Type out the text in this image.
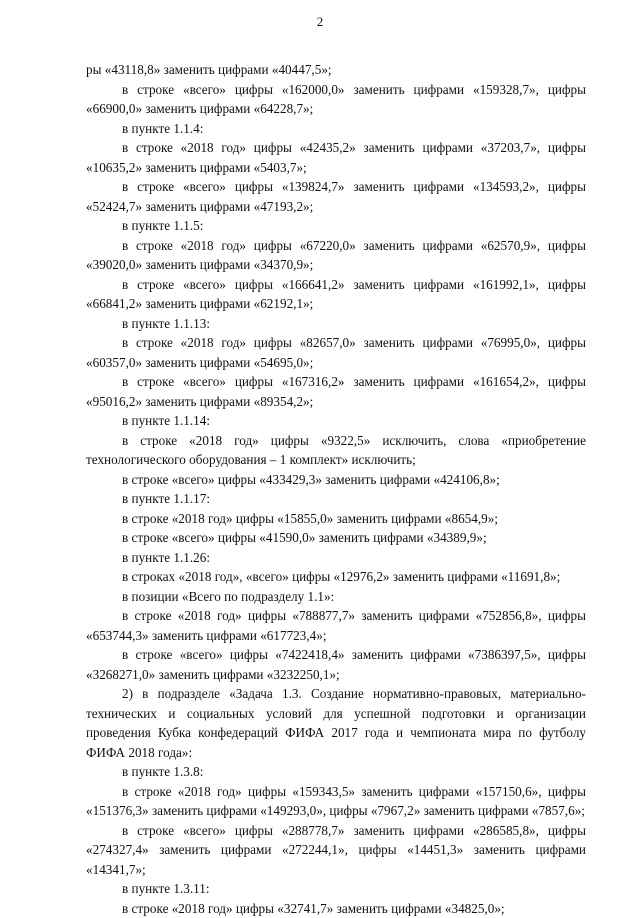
2

ры «43118,8» заменить цифрами «40447,5»;

в строке «всего» цифры «162000,0» заменить цифрами «159328,7», цифры «66900,0» заменить цифрами «64228,7»;

в пункте 1.1.4:

в строке «2018 год» цифры «42435,2» заменить цифрами «37203,7», цифры «10635,2» заменить цифрами «5403,7»;

в строке «всего» цифры «139824,7» заменить цифрами «134593,2», цифры «52424,7» заменить цифрами «47193,2»;

в пункте 1.1.5:

в строке «2018 год» цифры «67220,0» заменить цифрами «62570,9», цифры «39020,0» заменить цифрами «34370,9»;

в строке «всего» цифры «166641,2» заменить цифрами «161992,1», цифры «66841,2» заменить цифрами «62192,1»;

в пункте 1.1.13:

в строке «2018 год» цифры «82657,0» заменить цифрами «76995,0», цифры «60357,0» заменить цифрами «54695,0»;

в строке «всего» цифры «167316,2» заменить цифрами «161654,2», цифры «95016,2» заменить цифрами «89354,2»;

в пункте 1.1.14:

в строке «2018 год» цифры «9322,5» исключить, слова «приобретение технологического оборудования – 1 комплект» исключить;

в строке «всего» цифры «433429,3» заменить цифрами «424106,8»;

в пункте 1.1.17:

в строке «2018 год» цифры «15855,0» заменить цифрами «8654,9»;

в строке «всего» цифры «41590,0» заменить цифрами «34389,9»;

в пункте 1.1.26:

в строках «2018 год», «всего» цифры «12976,2» заменить цифрами «11691,8»;

в позиции «Всего по подразделу 1.1»:

в строке «2018 год» цифры «788877,7» заменить цифрами «752856,8», цифры «653744,3» заменить цифрами «617723,4»;

в строке «всего» цифры «7422418,4» заменить цифрами «7386397,5», цифры «3268271,0» заменить цифрами «3232250,1»;

2) в подразделе «Задача 1.3. Создание нормативно-правовых, материально-технических и социальных условий для успешной подготовки и организации проведения Кубка конфедераций ФИФА 2017 года и чемпионата мира по футболу ФИФА 2018 года»:

в пункте 1.3.8:

в строке «2018 год» цифры «159343,5» заменить цифрами «157150,6», цифры «151376,3» заменить цифрами «149293,0», цифры «7967,2» заменить цифрами «7857,6»;

в строке «всего» цифры «288778,7» заменить цифрами «286585,8», цифры «274327,4» заменить цифрами «272244,1», цифры «14451,3» заменить цифрами «14341,7»;

в пункте 1.3.11:

в строке «2018 год» цифры «32741,7» заменить цифрами «34825,0»;
